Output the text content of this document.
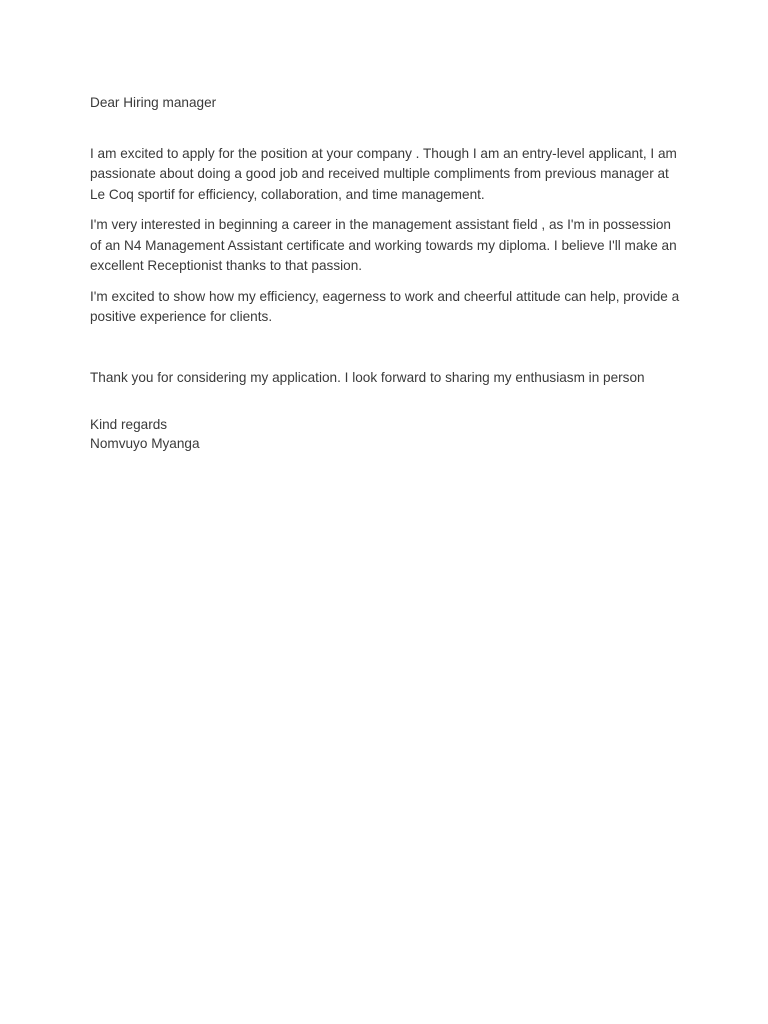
Dear Hiring manager

I am excited to apply for the position at your company . Though I am an entry-level applicant, I am passionate about doing a good job and received multiple compliments from previous manager at Le Coq sportif for efficiency, collaboration, and time management.

I'm very interested in beginning a career in the management assistant field , as I'm in possession of an N4 Management Assistant certificate and working towards my diploma. I believe I'll make an excellent Receptionist thanks to that passion.

I'm excited to show how my efficiency, eagerness to work and cheerful attitude can help, provide a positive experience for clients.

Thank you for considering my application. I look forward to sharing my enthusiasm in person

Kind regards

Nomvuyo Myanga
